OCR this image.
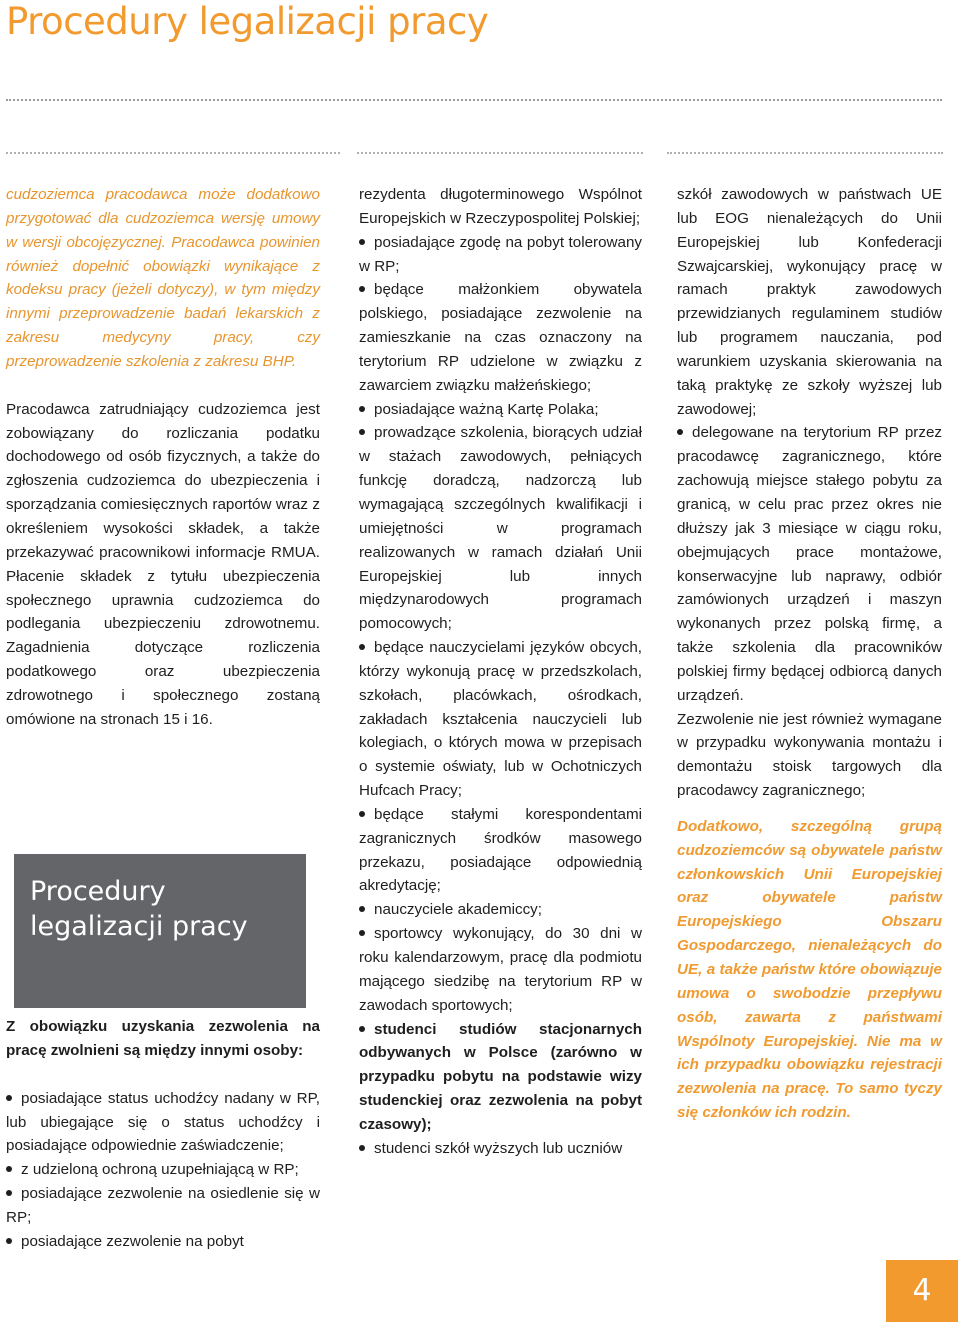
Procedury legalizacji pracy

cudzoziemca pracodawca może dodatkowo przygotować dla cudzoziemca wersję umowy w wersji obcojęzycznej. Pracodawca powinien również dopełnić obowiązki wynikające z kodeksu pracy (jeżeli dotyczy), w tym między innymi przeprowadzenie badań lekarskich z zakresu medycyny pracy, czy przeprowadzenie szkolenia z zakresu BHP.

Pracodawca zatrudniający cudzoziemca jest zobowiązany do rozliczania podatku dochodowego od osób fizycznych, a także do zgłoszenia cudzoziemca do ubezpieczenia i sporządzania comiesięcznych raportów wraz z określeniem wysokości składek, a także przekazywać pracownikowi informacje RMUA. Płacenie składek z tytułu ubezpieczenia społecznego uprawnia cudzoziemca do podlegania ubezpieczeniu zdrowotnemu. Zagadnienia dotyczące rozliczenia podatkowego oraz ubezpieczenia zdrowotnego i społecznego zostaną omówione na stronach 15 i 16.

Procedury legalizacji pracy

Z obowiązku uzyskania zezwolenia na pracę zwolnieni są między innymi osoby:

posiadające status uchodźcy nadany w RP, lub ubiegające się o status uchodźcy i posiadające odpowiednie zaświadczenie;

z udzieloną ochroną uzupełniającą w RP;

posiadające zezwolenie na osiedlenie się w RP;

posiadające zezwolenie na pobyt

rezydenta długoterminowego Wspólnot Europejskich w Rzeczypospolitej Polskiej;

posiadające zgodę na pobyt tolerowany w RP;

będące małżonkiem obywatela polskiego, posiadające zezwolenie na zamieszkanie na czas oznaczony na terytorium RP udzielone w związku z zawarciem związku małżeńskiego;

posiadające ważną Kartę Polaka;

prowadzące szkolenia, biorących udział w stażach zawodowych, pełniących funkcję doradczą, nadzorczą lub wymagającą szczególnych kwalifikacji i umiejętności w programach realizowanych w ramach działań Unii Europejskiej lub innych międzynarodowych programach pomocowych;

będące nauczycielami języków obcych, którzy wykonują pracę w przedszkolach, szkołach, placówkach, ośrodkach, zakładach kształcenia nauczycieli lub kolegiach, o których mowa w przepisach o systemie oświaty, lub w Ochotniczych Hufcach Pracy;

będące stałymi korespondentami zagranicznych środków masowego przekazu, posiadające odpowiednią akredytację;

nauczyciele akademiccy;

sportowcy wykonujący, do 30 dni w roku kalendarzowym, pracę dla podmiotu mającego siedzibę na terytorium RP w zawodach sportowych;

studenci studiów stacjonarnych odbywanych w Polsce (zarówno w przypadku pobytu na podstawie wizy studenckiej oraz zezwolenia na pobyt czasowy);

studenci szkół wyższych lub uczniów

szkół zawodowych w państwach UE lub EOG nienależących do Unii Europejskiej lub Konfederacji Szwajcarskiej, wykonujący pracę w ramach praktyk zawodowych przewidzianych regulaminem studiów lub programem nauczania, pod warunkiem uzyskania skierowania na taką praktykę ze szkoły wyższej lub zawodowej;

delegowane na terytorium RP przez pracodawcę zagranicznego, które zachowują miejsce stałego pobytu za granicą, w celu prac przez okres nie dłuższy jak 3 miesiące w ciągu roku, obejmujących prace montażowe, konserwacyjne lub naprawy, odbiór zamówionych urządzeń i maszyn wykonanych przez polską firmę, a także szkolenia dla pracowników polskiej firmy będącej odbiorcą danych urządzeń.

Zezwolenie nie jest również wymagane w przypadku wykonywania montażu i demontażu stoisk targowych dla pracodawcy zagranicznego;

Dodatkowo, szczególną grupą cudzoziemców są obywatele państw członkowskich Unii Europejskiej oraz obywatele państw Europejskiego Obszaru Gospodarczego, nienależących do UE, a także państw które obowiązuje umowa o swobodzie przepływu osób, zawarta z państwami Wspólnoty Europejskiej. Nie ma w ich przypadku obowiązku rejestracji zezwolenia na pracę. To samo tyczy się członków ich rodzin.

4
